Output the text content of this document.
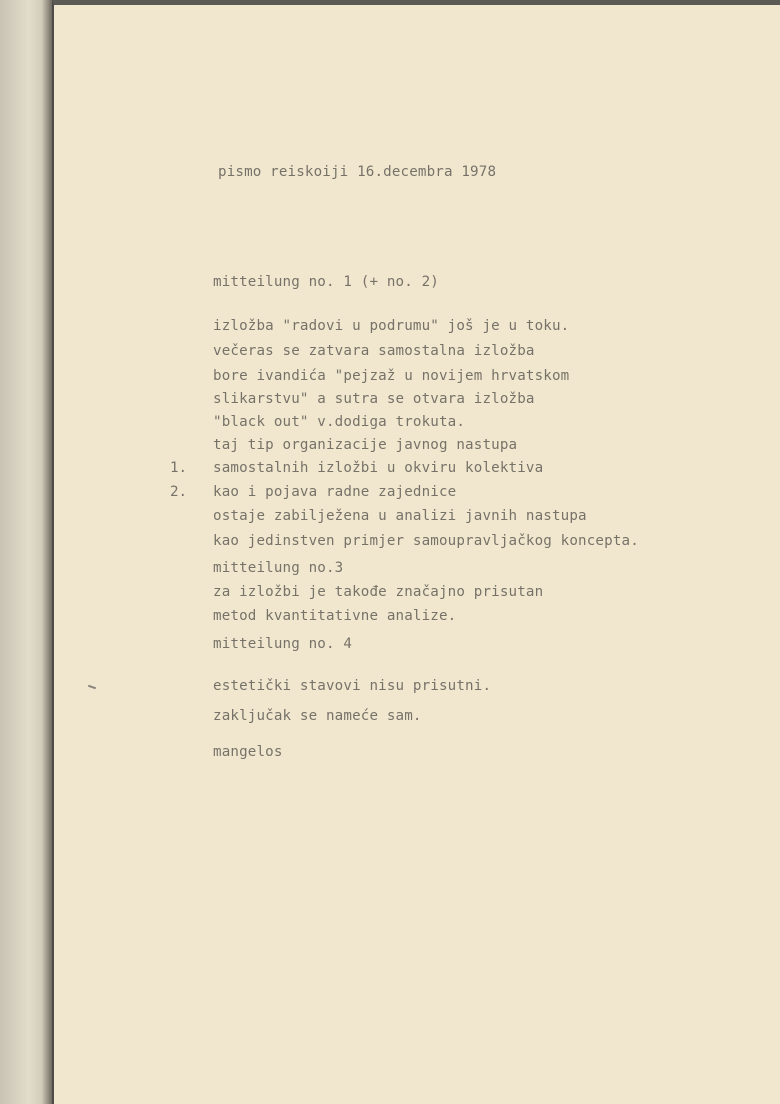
pismo reiskoiji 16.decembra 1978
mitteilung no. 1 (+ no. 2)
izložba "radovi u podrumu" još je u toku.
večeras se zatvara samostalna izložba
bore ivandića "pejzaž u novijem hrvatskom
slikarstvu" a sutra se otvara izložba
"black out" v.dodiga trokuta.
taj tip organizacije javnog nastupa
1. samostalnih izložbi u okviru kolektiva
2. kao i pojava radne zajednice
ostaje zabilježena u analizi javnih nastupa
kao jedinstven primjer samoupravljačkog koncepta.
mitteilung no.3
za izložbi je takođe značajno prisutan
metod kvantitativne analize.
mitteilung no. 4
estetički stavovi nisu prisutni.
zaključak se nameće sam.
mangelos
